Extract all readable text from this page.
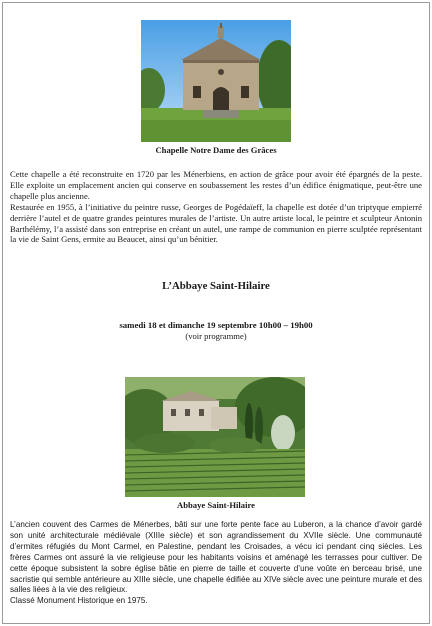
Chapelle Notre Dame des Grâces

Cette chapelle a été reconstruite en 1720 par les Ménerbiens, en action de grâce pour avoir été épargnés de la peste. Elle exploite un emplacement ancien qui conserve en soubassement les restes d’un édifice énigmatique, peut-être une chapelle plus ancienne.
Restaurée en 1955, à l’initiative du peintre russe, Georges de Pogédaïeff, la chapelle est dotée d’un triptyque empierré derrière l’autel et de quatre grandes peintures murales de l’artiste. Un autre artiste local, le peintre et sculpteur Antonin Barthélémy, l’a assisté dans son entreprise en créant un autel, une rampe de communion en pierre sculptée représentant la vie de Saint Gens, ermite au Beaucet, ainsi qu’un bénitier.

L’Abbaye Saint-Hilaire
samedi 18 et dimanche 19 septembre 10h00 – 19h00
(voir programme)
Abbaye Saint-Hilaire

L’ancien couvent des Carmes de Ménerbes, bâti sur une forte pente face au Luberon, a la chance d’avoir gardé son unité architecturale médiévale (XIIIe siècle) et son agrandissement du XVIIe siècle. Une communauté d’ermites réfugiés du Mont Carmel, en Palestine, pendant les Croisades, a vécu ici pendant cinq siècles. Les frères Carmes ont assuré la vie religieuse pour les habitants voisins et aménagé les terrasses pour cultiver. De cette époque subsistent la sobre église bâtie en pierre de taille et couverte d’une voûte en berceau brisé, une sacristie qui semble antérieure au XIIIe siècle, une chapelle édifiée au XIVe siècle avec une peinture murale et des salles liées à la vie des religieux.
Classé Monument Historique en 1975.
